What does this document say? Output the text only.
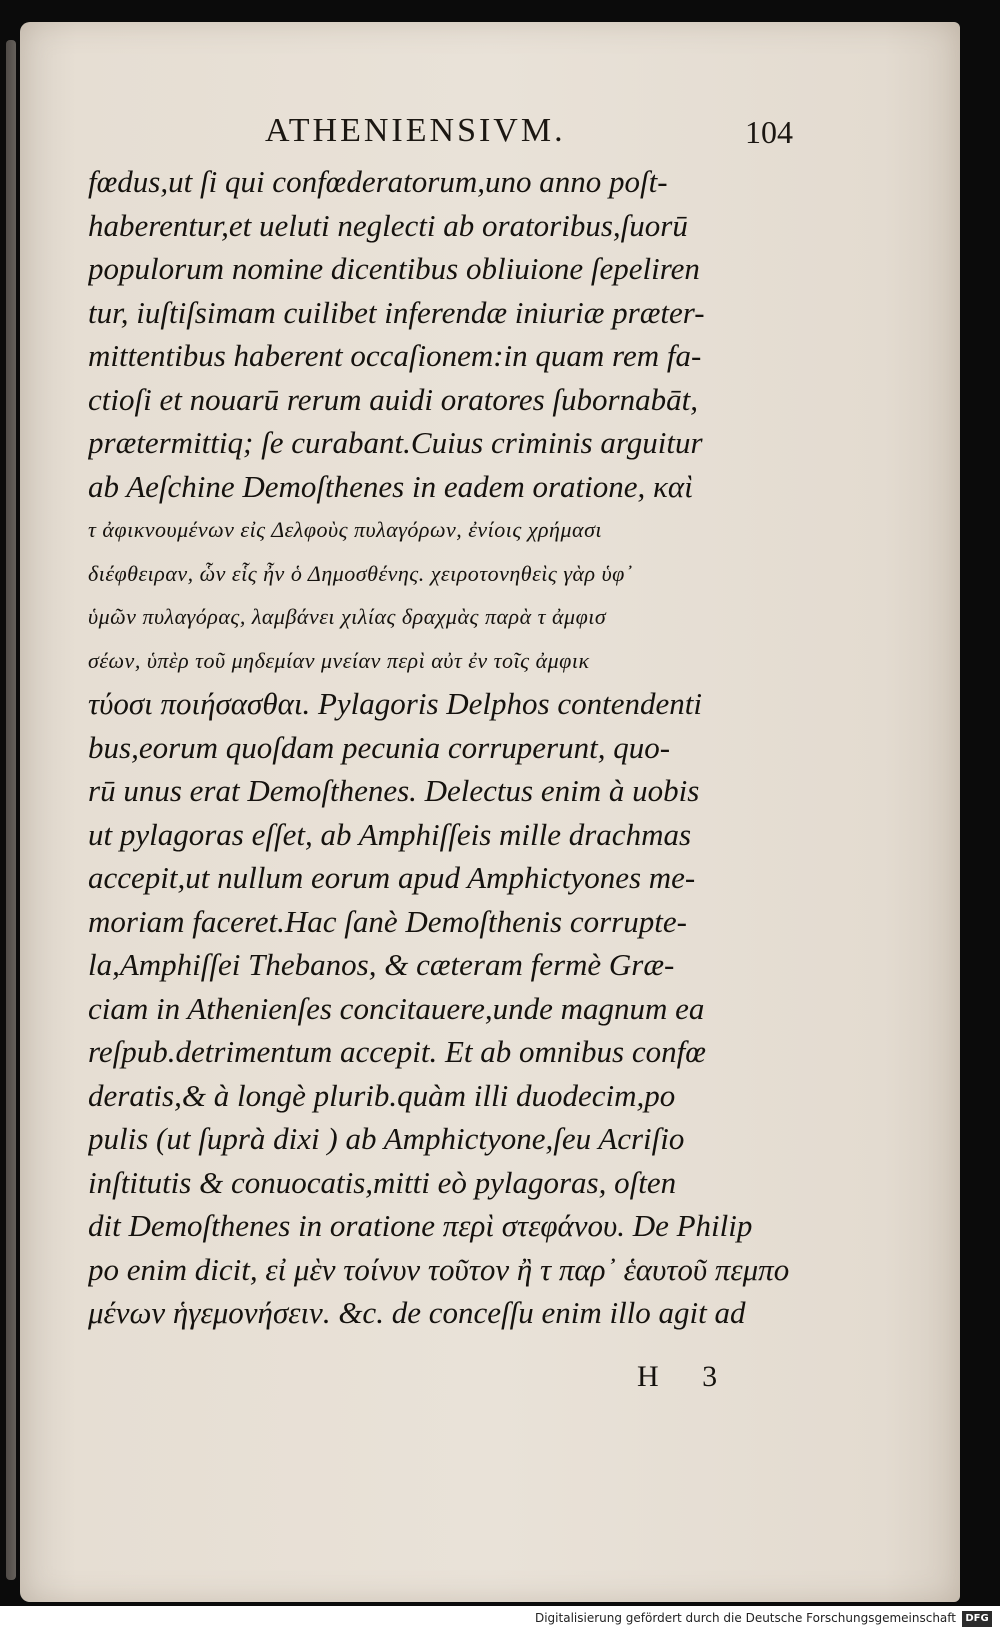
ATHENIENSIVM.	104
fœdus,ut ſi qui confœderatorum,uno anno poſt-
haberentur,et ueluti neglecti ab oratoribus,ſuorū
populorum nomine dicentibus obliuione ſepeliren
tur, iuſtiſsimam cuilibet inferendæ iniuriæ præter-
mittentibus haberent occaſionem:in quam rem fa-
ctioſi et nouarū rerum auidi oratores ſubornabāt,
prætermittiq; ſe curabant.Cuius criminis arguitur
ab Aeſchine Demoſthenes in eadem oratione, καὶ
τ ἀφικνουμένων εἰς Δελφοὺς πυλαγόρων, ἐνίοις χρήμασι
διέφθειραν, ὧν εἷς ἦν ὁ Δημοσθένης. χειροτονηθεὶς γὰρ ὑφ᾽
ὑμῶν πυλαγόρας, λαμβάνει χιλίας δραχμὰς παρὰ τ ἀμφισ
σέων, ὑπὲρ τοῦ μηδεμίαν μνείαν περὶ αὐτ ἐν τοῖς ἀμφικ
τύοσι ποιήσασθαι. Pylagoris Delphos contendenti
bus,eorum quoſdam pecunia corruperunt, quo-
rū unus erat Demoſthenes. Delectus enim à uobis
ut pylagoras eſſet, ab Amphiſſeis mille drachmas
accepit,ut nullum eorum apud Amphictyones me-
moriam faceret.Hac ſanè Demoſthenis corrupte-
la,Amphiſſei Thebanos, & cæteram fermè Græ-
ciam in Athenienſes concitauere,unde magnum ea
reſpub.detrimentum accepit. Et ab omnibus confœ
deratis,& à longè plurib.quàm illi duodecim,po
pulis (ut ſuprà dixi ) ab Amphictyone,ſeu Acriſio
inſtitutis & conuocatis,mitti eò pylagoras, oſten
dit Demoſthenes in oratione περὶ στεφάνου. De Philip
po enim dicit, εἰ μὲν τοίνυν τοῦτον ἢ τ παρ᾽ ἑαυτοῦ πεμπο
μένων ἡγεμονήσειν. &c. de conceſſu enim illo agit ad
H 3
Digitalisierung gefördert durch die Deutsche Forschungsgemeinschaft DFG
